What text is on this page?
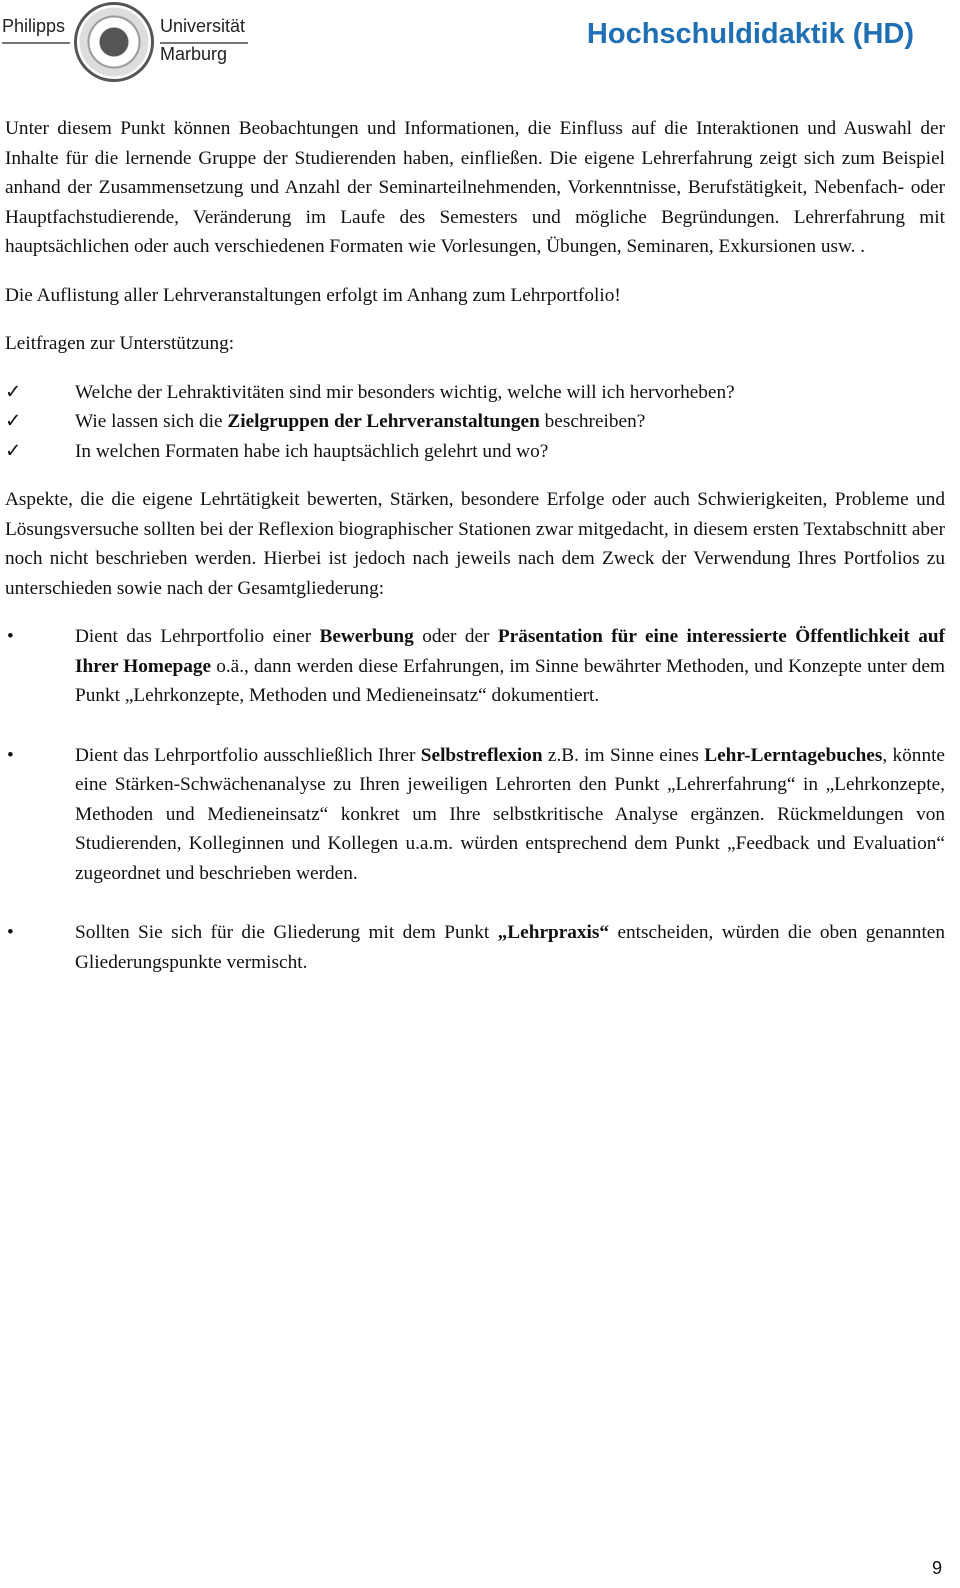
Philipps	Universität
Marburg
Hochschuldidaktik (HD)

Unter diesem Punkt können Beobachtungen und Informationen, die Einfluss auf die Interaktionen und Auswahl der Inhalte für die lernende Gruppe der Studierenden haben, einfließen. Die eigene Lehrerfahrung zeigt sich zum Beispiel anhand der Zusammensetzung und Anzahl der Seminarteilnehmenden, Vorkenntnisse, Berufstätigkeit, Nebenfach- oder Hauptfachstudierende, Veränderung im Laufe des Semesters und mögliche Begründungen. Lehrerfahrung mit hauptsächlichen oder auch verschiedenen Formaten wie Vorlesungen, Übungen, Seminaren, Exkursionen usw. .

Die Auflistung aller Lehrveranstaltungen erfolgt im Anhang zum Lehrportfolio!

Leitfragen zur Unterstützung:

✓	Welche der Lehraktivitäten sind mir besonders wichtig, welche will ich hervorheben?
✓	Wie lassen sich die Zielgruppen der Lehrveranstaltungen beschreiben?
✓	In welchen Formaten habe ich hauptsächlich gelehrt und wo?

Aspekte, die die eigene Lehrtätigkeit bewerten, Stärken, besondere Erfolge oder auch Schwierigkeiten, Probleme und Lösungsversuche sollten bei der Reflexion biographischer Stationen zwar mitgedacht, in diesem ersten Textabschnitt aber noch nicht beschrieben werden. Hierbei ist jedoch nach jeweils nach dem Zweck der Verwendung Ihres Portfolios zu unterschieden sowie nach der Gesamtgliederung:

•	Dient das Lehrportfolio einer Bewerbung oder der Präsentation für eine interessierte Öffentlichkeit auf Ihrer Homepage o.ä., dann werden diese Erfahrungen, im Sinne bewährter Methoden, und Konzepte unter dem Punkt „Lehrkonzepte, Methoden und Medieneinsatz“ dokumentiert.
•	Dient das Lehrportfolio ausschließlich Ihrer Selbstreflexion z.B. im Sinne eines Lehr-Lerntagebuches, könnte eine Stärken-Schwächenanalyse zu Ihren jeweiligen Lehrorten den Punkt „Lehrerfahrung“ in „Lehrkonzepte, Methoden und Medieneinsatz“ konkret um Ihre selbstkritische Analyse ergänzen. Rückmeldungen von Studierenden, Kolleginnen und Kollegen u.a.m. würden entsprechend dem Punkt „Feedback und Evaluation“ zugeordnet und beschrieben werden.
•	Sollten Sie sich für die Gliederung mit dem Punkt „Lehrpraxis“ entscheiden, würden die oben genannten Gliederungspunkte vermischt.
9
